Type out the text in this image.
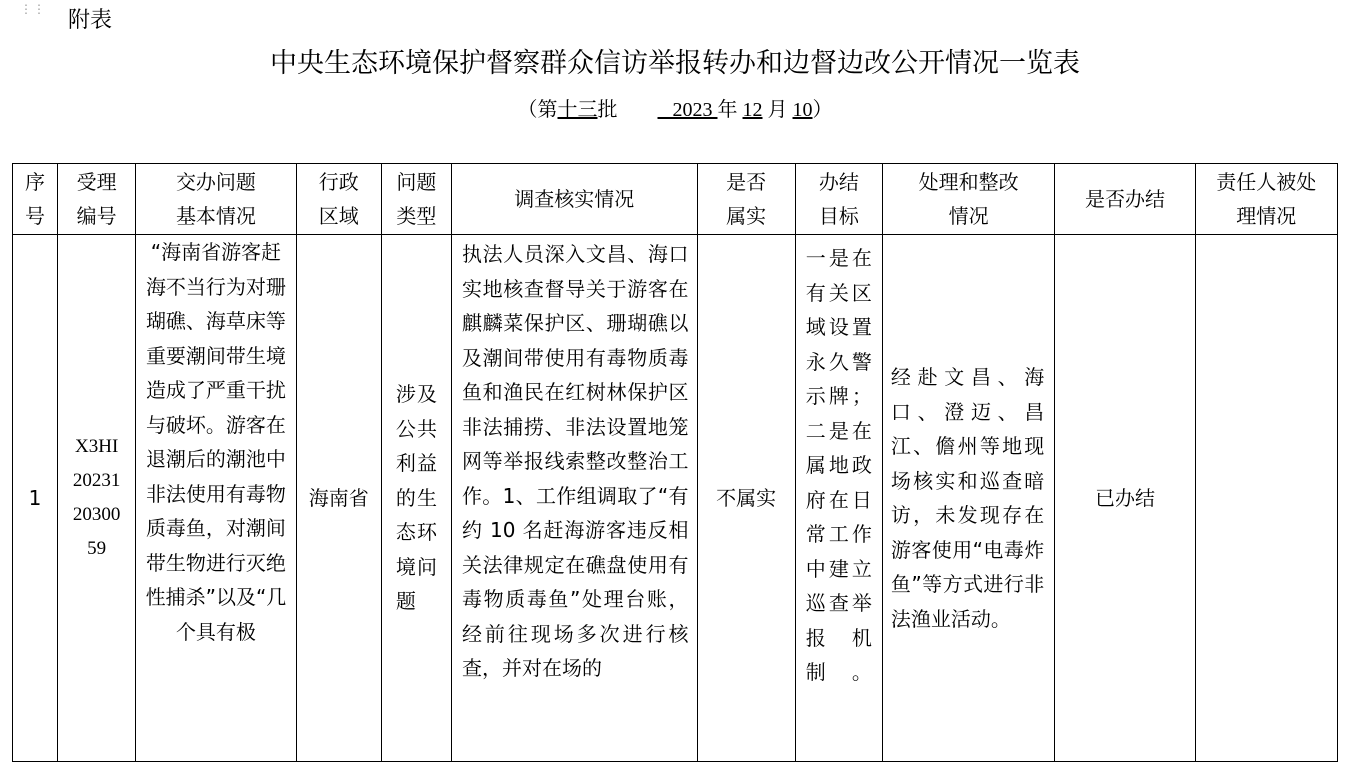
⋮⋮ 附表
中央生态环境保护督察群众信访举报转办和边督边改公开情况一览表
（第十三批	2023 年 12 月 10）
序号	受理编号	交办问题基本情况	行政区域	问题类型	调查核实情况	是否属实	办结目标	处理和整改情况	是否办结	责任人被处理情况

1	X3HI202312030059	“海南省游客赶海不当行为对珊瑚礁、海草床等重要潮间带生境造成了严重干扰与破坏。游客在退潮后的潮池中非法使用有毒物质毒鱼，对潮间带生物进行灭绝性捕杀”以及“几个具有极	海南省	涉及公共利益的生态环境问题	执法人员深入文昌、海口实地核查督导关于游客在麒麟菜保护区、珊瑚礁以及潮间带使用有毒物质毒鱼和渔民在红树林保护区非法捕捞、非法设置地笼网等举报线索整改整治工作。1、工作组调取了“有约 10 名赶海游客违反相关法律规定在礁盘使用有毒物质毒鱼”处理台账，经前往现场多次进行核查，并对在场的	不属实	一是在有关区域设置永久警示牌；二是在属地政府在日常工作中建立巡查举报机制。	经赴文昌、海口、澄迈、昌江、儋州等地现场核实和巡查暗访，未发现存在游客使用“电毒炸鱼”等方式进行非法渔业活动。	已办结	
